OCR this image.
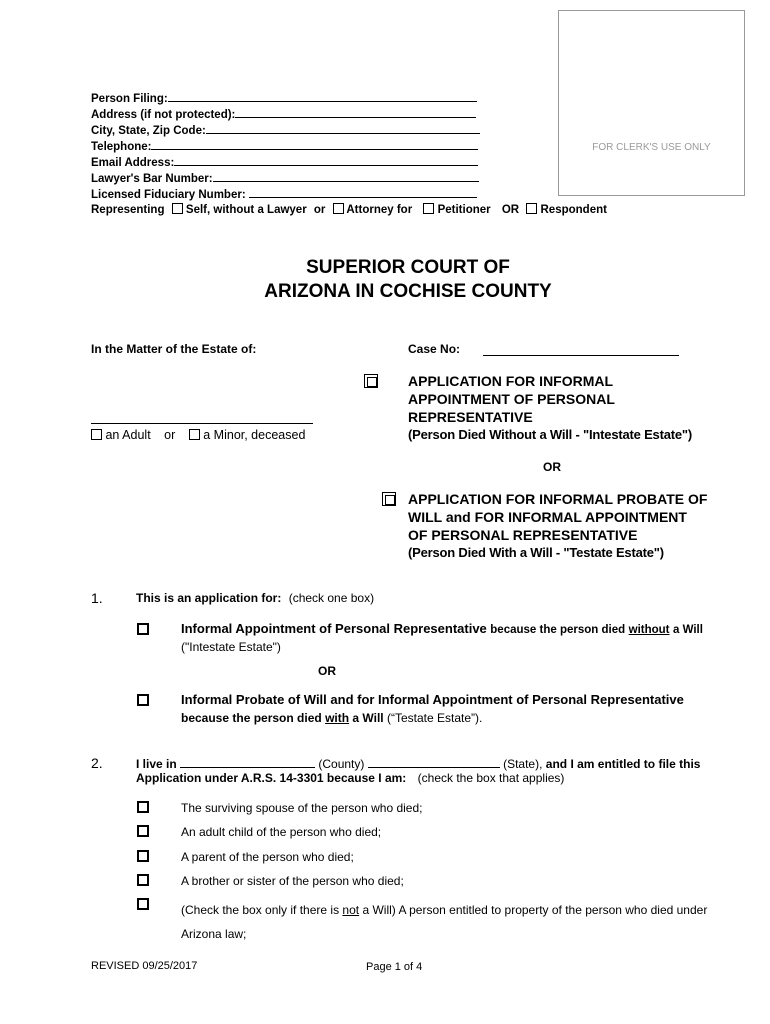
FOR CLERK'S USE ONLY
Person Filing:
Address (if not protected):
City, State, Zip Code:
Telephone:
Email Address:
Lawyer's Bar Number:
Licensed Fiduciary Number:
Representing Self, without a Lawyer or Attorney for Petitioner OR Respondent
SUPERIOR COURT OF
ARIZONA IN COCHISE COUNTY
In the Matter of the Estate of:	Case No:
an Adult or a Minor, deceased

APPLICATION FOR INFORMAL
APPOINTMENT OF PERSONAL
REPRESENTATIVE
(Person Died Without a Will - "Intestate Estate")
OR
APPLICATION FOR INFORMAL PROBATE OF
WILL and FOR INFORMAL APPOINTMENT
OF PERSONAL REPRESENTATIVE
(Person Died With a Will - "Testate Estate")
1.	This is an application for: (check one box)
Informal Appointment of Personal Representative because the person died without a Will
("Intestate Estate")
OR
Informal Probate of Will and for Informal Appointment of Personal Representative
because the person died with a Will (“Testate Estate”).
2.	I live in	(County)	(State), and I am entitled to file this
Application under A.R.S. 14-3301 because I am: (check the box that applies)
The surviving spouse of the person who died;
An adult child of the person who died;
A parent of the person who died;
A brother or sister of the person who died;
(Check the box only if there is not a Will) A person entitled to property of the person who died under
Arizona law;
REVISED 09/25/2017	Page 1 of 4
